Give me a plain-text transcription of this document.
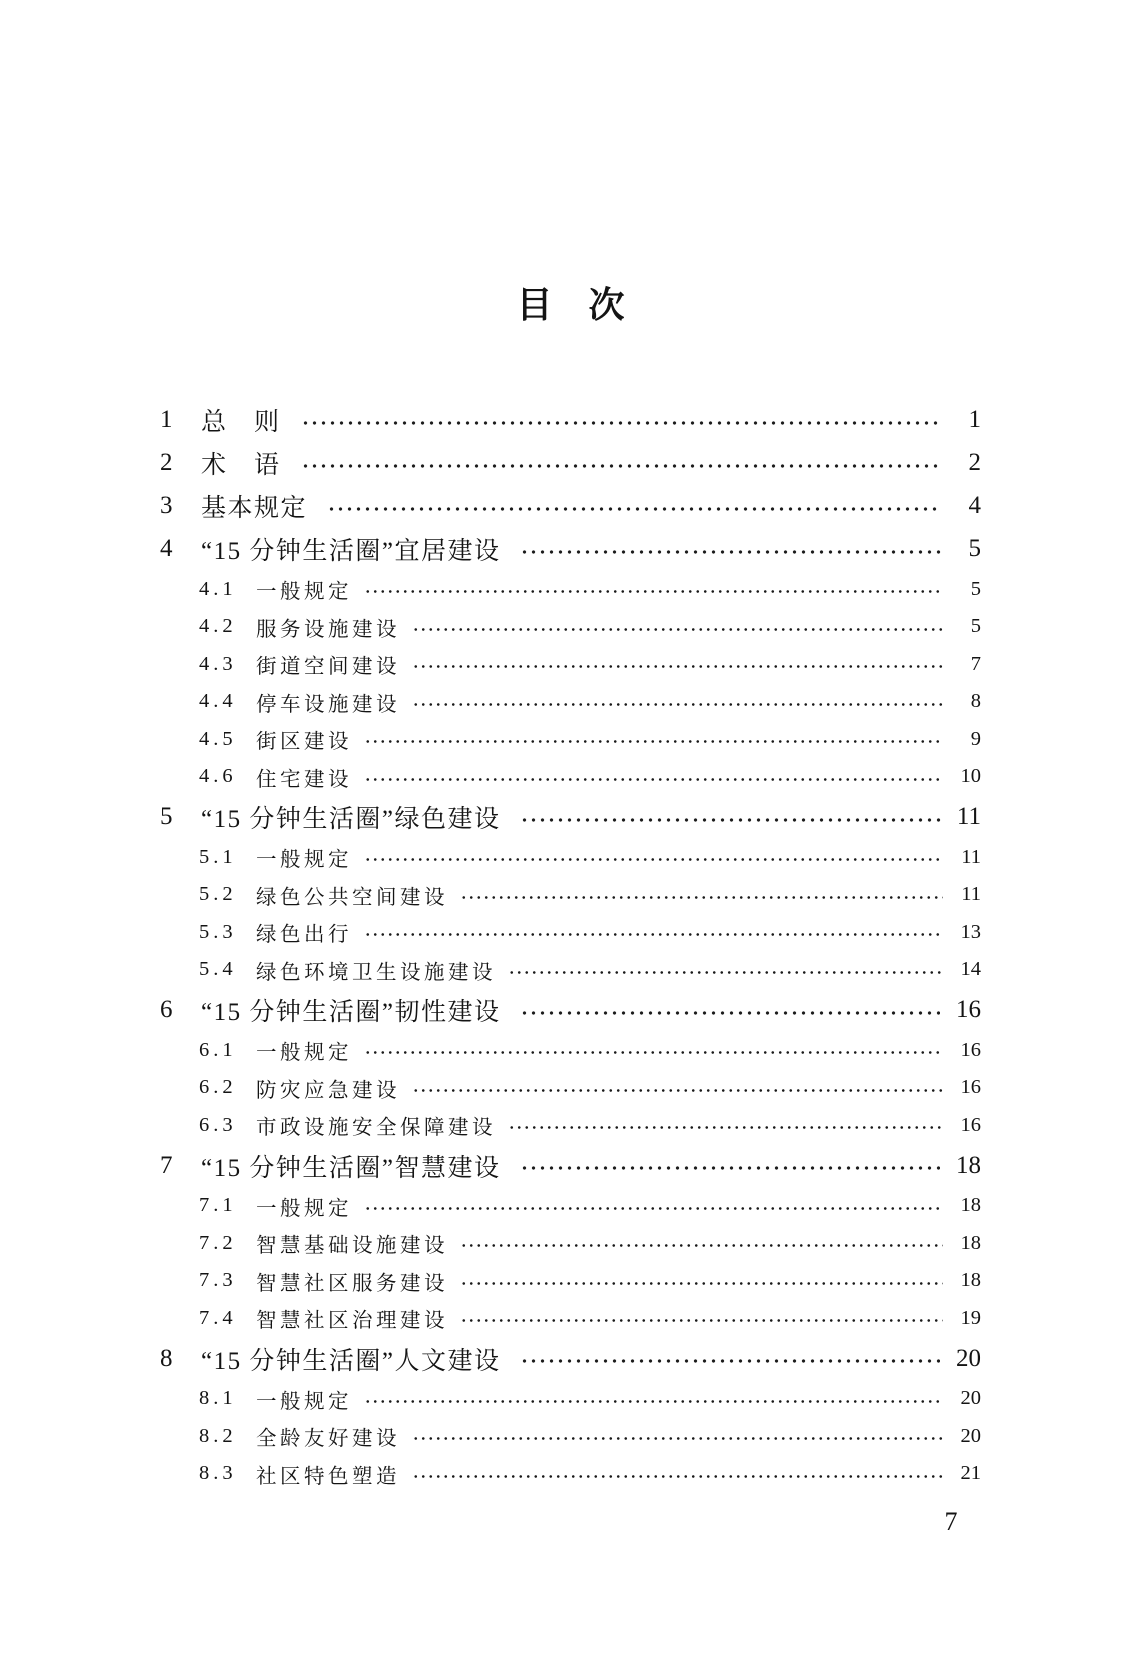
目　次
1	总　则	1
2	术　语	2
3	基本规定	4
4	“15 分钟生活圈”宜居建设	5
4.1 一般规定	5
4.2 服务设施建设	5
4.3 街道空间建设	7
4.4 停车设施建设	8
4.5 街区建设	9
4.6 住宅建设	10
5	“15 分钟生活圈”绿色建设	11
5.1 一般规定	11
5.2 绿色公共空间建设	11
5.3 绿色出行	13
5.4 绿色环境卫生设施建设	14
6	“15 分钟生活圈”韧性建设	16
6.1 一般规定	16
6.2 防灾应急建设	16
6.3 市政设施安全保障建设	16
7	“15 分钟生活圈”智慧建设	18
7.1 一般规定	18
7.2 智慧基础设施建设	18
7.3 智慧社区服务建设	18
7.4 智慧社区治理建设	19
8	“15 分钟生活圈”人文建设	20
8.1 一般规定	20
8.2 全龄友好建设	20
8.3 社区特色塑造	21
7
